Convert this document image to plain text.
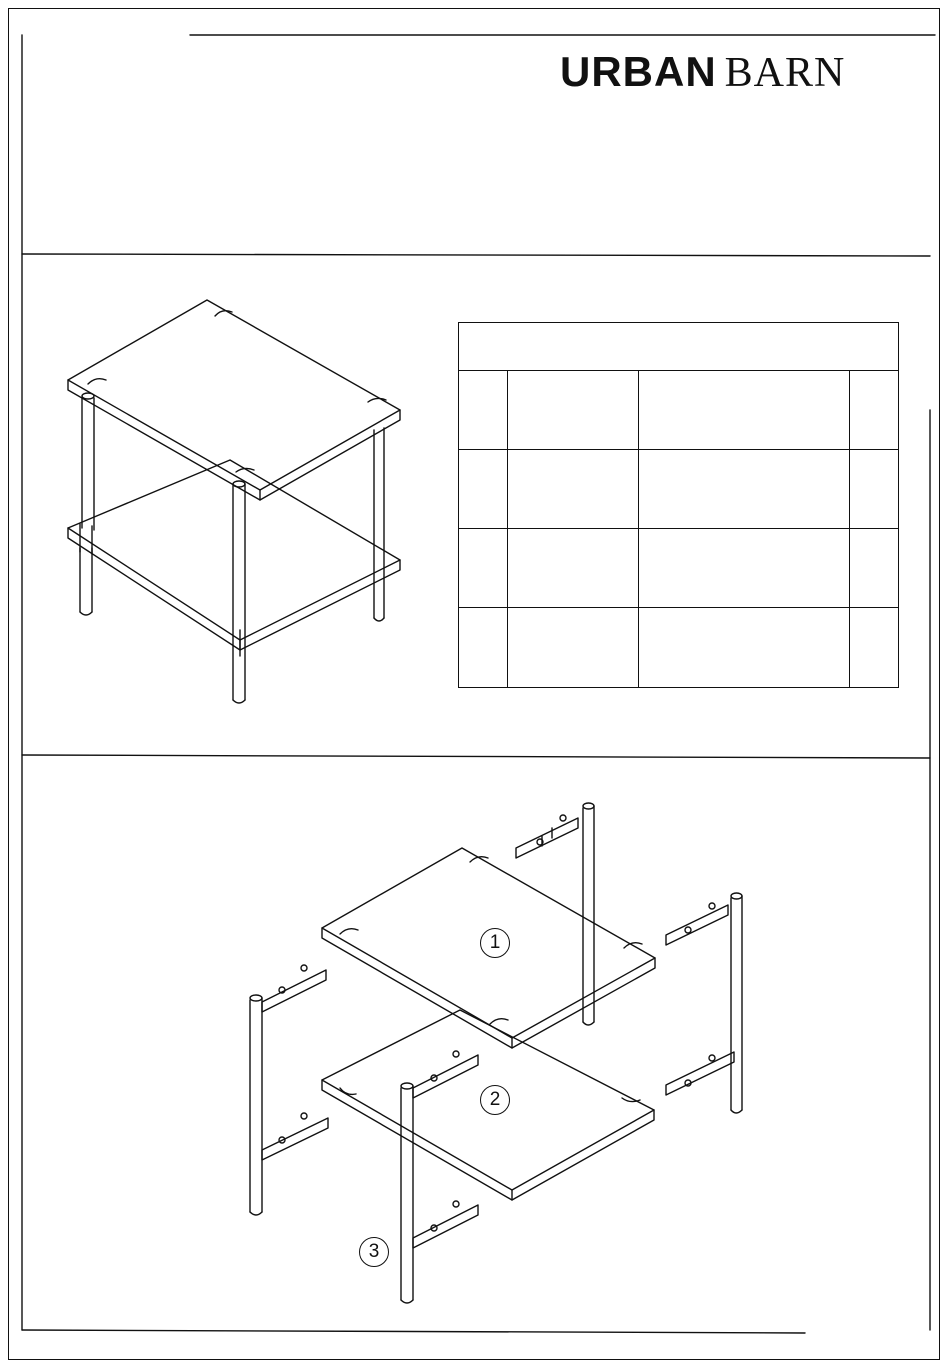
URBAN BARN
1
2
3
